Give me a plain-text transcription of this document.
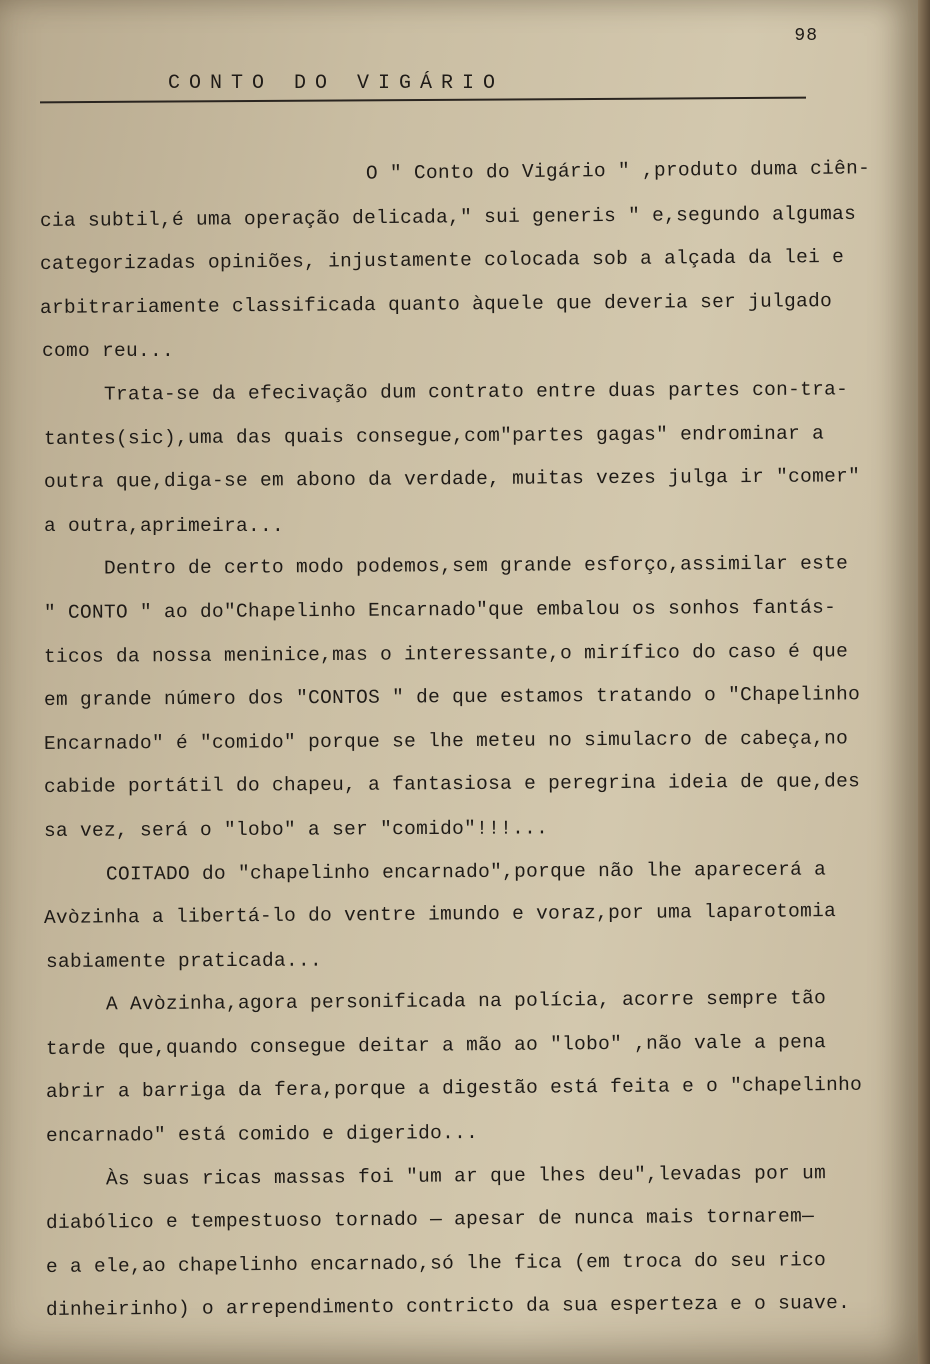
98
CONTO DO VIGÁRIO
O " Conto do Vigário " ,produto duma ciên-
cia subtil,é uma operação delicada," sui generis " e,segundo algumas
categorizadas opiniões, injustamente colocada sob a alçada da lei e
arbitrariamente classificada quanto àquele que deveria ser julgado
como reu...
Trata-se da efecivação dum contrato entre duas partes con-tra-
tantes(sic),uma das quais consegue,com"partes gagas" endrominar a
outra que,diga-se em abono da verdade, muitas vezes julga ir "comer"
a outra,aprimeira...
Dentro de certo modo podemos,sem grande esforço,assimilar este
" CONTO " ao do"Chapelinho Encarnado"que embalou os sonhos fantás-
ticos da nossa meninice,mas o interessante,o mirífico do caso é que
em grande número dos "CONTOS " de que estamos tratando o "Chapelinho
Encarnado" é "comido" porque se lhe meteu no simulacro de cabeça,no
cabide portátil do chapeu, a fantasiosa e peregrina ideia de que,des
sa vez, será o "lobo" a ser "comido"!!!...
COITADO do "chapelinho encarnado",porque não lhe aparecerá a
Avòzinha a libertá-lo do ventre imundo e voraz,por uma laparotomia
sabiamente praticada...
A Avòzinha,agora personificada na polícia, acorre sempre tão
tarde que,quando consegue deitar a mão ao "lobo" ,não vale a pena
abrir a barriga da fera,porque a digestão está feita e o "chapelinho
encarnado" está comido e digerido...
Às suas ricas massas foi "um ar que lhes deu",levadas por um
diabólico e tempestuoso tornado — apesar de nunca mais tornarem—
e a ele,ao chapelinho encarnado,só lhe fica (em troca do seu rico
dinheirinho) o arrependimento contricto da sua esperteza e o suave.
